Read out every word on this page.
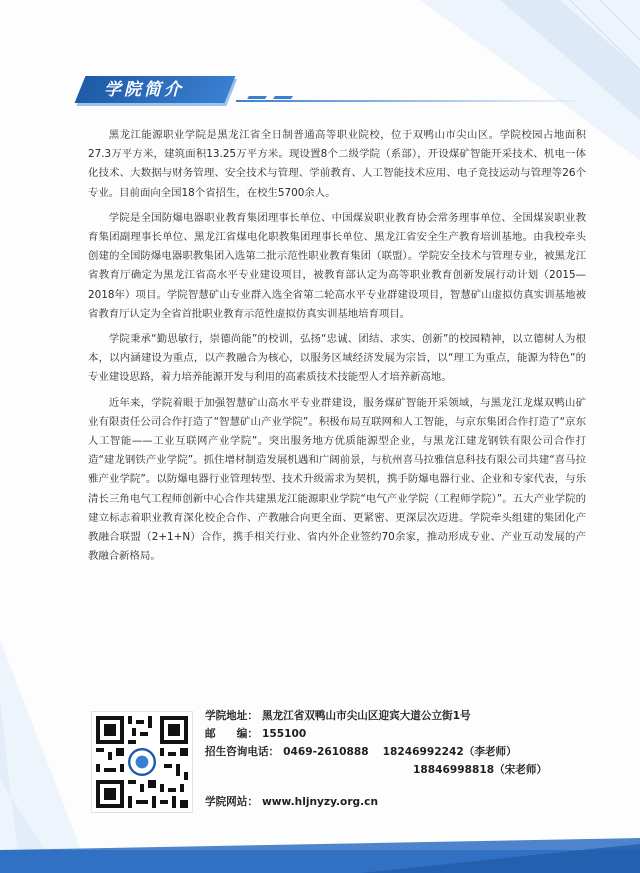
学院简介

黑龙江能源职业学院是黑龙江省全日制普通高等职业院校，位于双鸭山市尖山区。学院校园占地面积27.3万平方米，建筑面积13.25万平方米。现设置8个二级学院（系部），开设煤矿智能开采技术、机电一体化技术、大数据与财务管理、安全技术与管理、学前教育、人工智能技术应用、电子竞技运动与管理等26个专业。目前面向全国18个省招生，在校生5700余人。

学院是全国防爆电器职业教育集团理事长单位、中国煤炭职业教育协会常务理事单位、全国煤炭职业教育集团副理事长单位、黑龙江省煤电化职教集团理事长单位、黑龙江省安全生产教育培训基地。由我校牵头创建的全国防爆电器职教集团入选第二批示范性职业教育集团（联盟）。学院安全技术与管理专业，被黑龙江省教育厅确定为黑龙江省高水平专业建设项目，被教育部认定为高等职业教育创新发展行动计划（2015—2018年）项目。学院智慧矿山专业群入选全省第二轮高水平专业群建设项目，智慧矿山虚拟仿真实训基地被省教育厅认定为全省首批职业教育示范性虚拟仿真实训基地培育项目。

学院秉承“勤思敏行，崇德尚能”的校训，弘扬“忠诚、团结、求实、创新”的校园精神，以立德树人为根本，以内涵建设为重点，以产教融合为核心，以服务区域经济发展为宗旨，以“理工为重点，能源为特色”的专业建设思路，着力培养能源开发与利用的高素质技术技能型人才培养新高地。

近年来，学院着眼于加强智慧矿山高水平专业群建设，服务煤矿智能开采领域，与黑龙江龙煤双鸭山矿业有限责任公司合作打造了“智慧矿山产业学院”。积极布局互联网和人工智能，与京东集团合作打造了“京东人工智能——工业互联网产业学院”。突出服务地方优质能源型企业，与黑龙江建龙钢铁有限公司合作打造“建龙钢铁产业学院”。抓住增材制造发展机遇和广阔前景，与杭州喜马拉雅信息科技有限公司共建“喜马拉雅产业学院”。以防爆电器行业管理转型、技术升级需求为契机，携手防爆电器行业、企业和专家代表，与乐清长三角电气工程师创新中心合作共建黑龙江能源职业学院“电气产业学院（工程师学院）”。五大产业学院的建立标志着职业教育深化校企合作、产教融合向更全面、更紧密、更深层次迈进。学院牵头组建的集团化产教融合联盟（2+1+N）合作，携手相关行业、省内外企业签约70余家，推动形成专业、产业互动发展的产教融合新格局。

学院地址： 黑龙江省双鸭山市尖山区迎宾大道公立街1号
邮　　编： 155100
招生咨询电话： 0469-2610888 18246992242（李老师）
18846998818（宋老师）
学院网站： www.hljnyzy.org.cn
